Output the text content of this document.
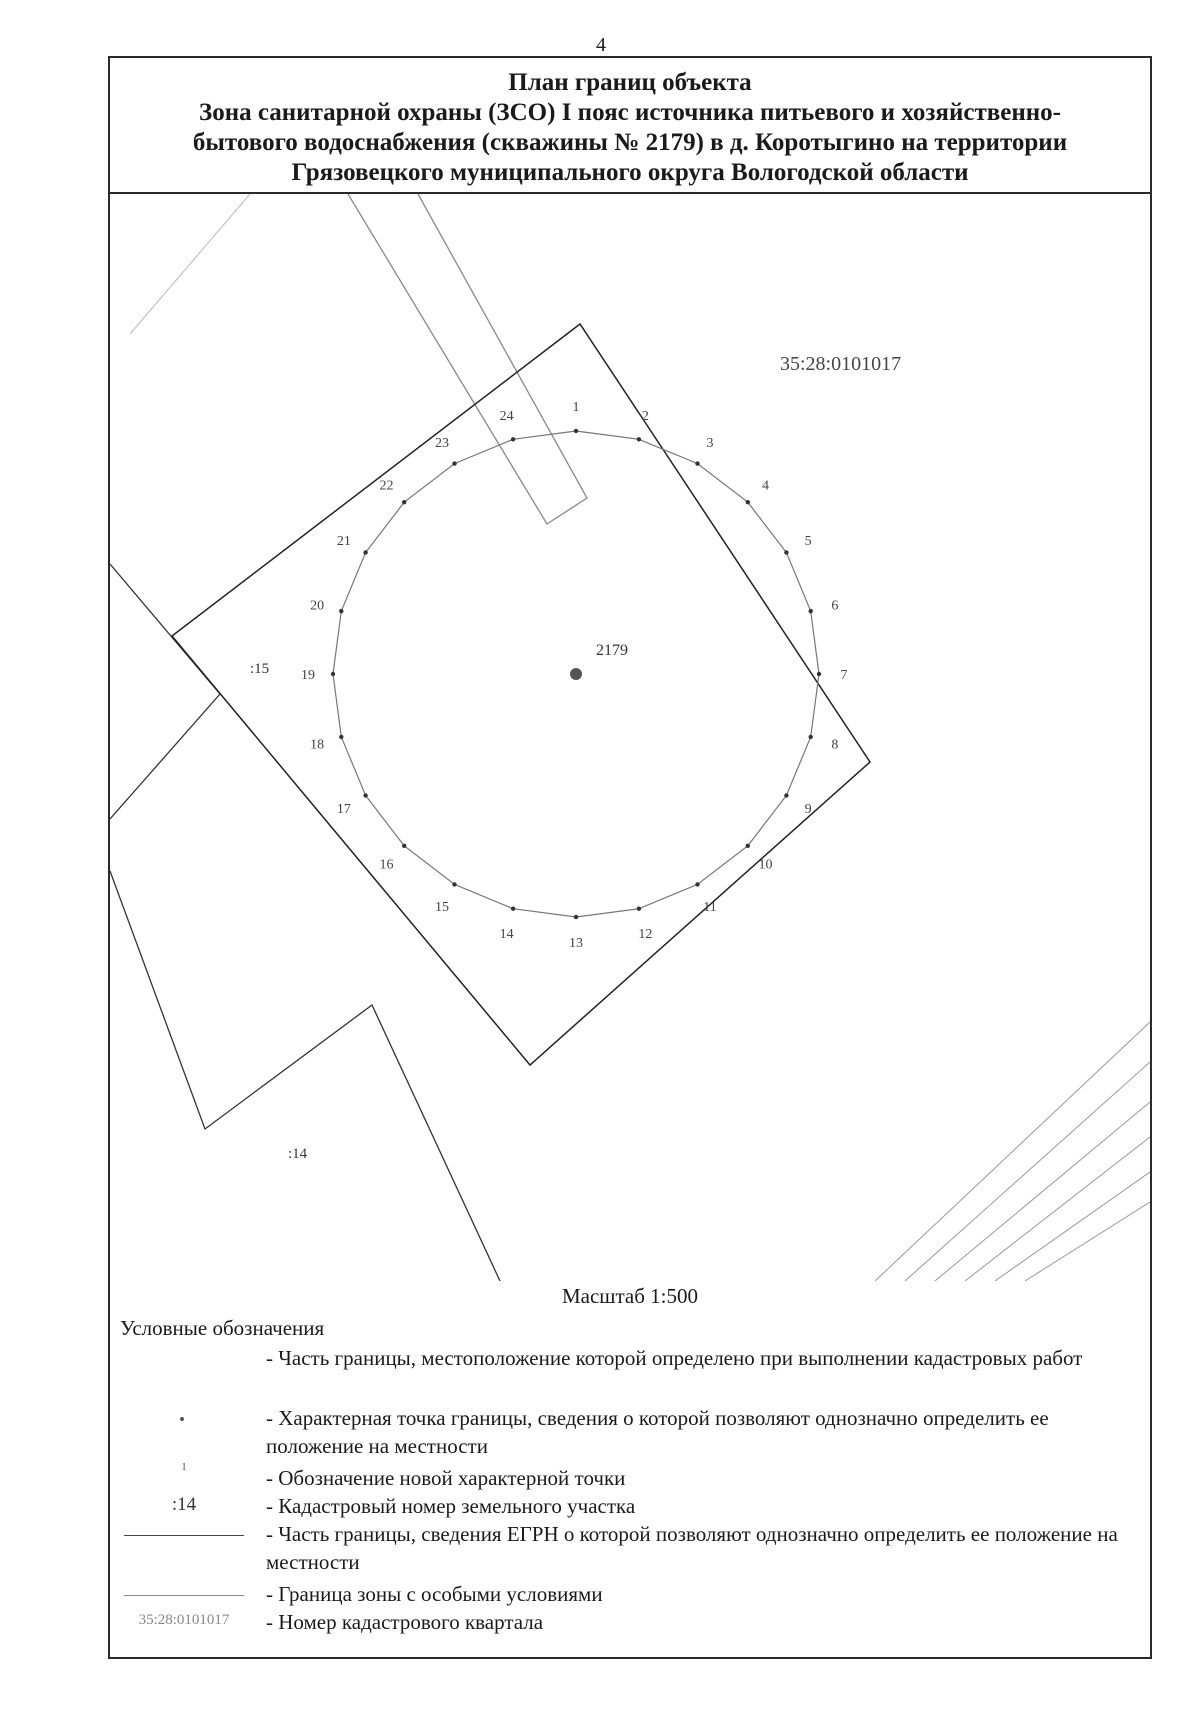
4
План границ объекта
Зона санитарной охраны (ЗСО) I пояс источника питьевого и хозяйственно-
бытового водоснабжения (скважины № 2179) в д. Коротыгино на территории
Грязовецкого муниципального округа Вологодской области
1
2
3
4
5
6
7
8
9
10
11
12
13
14
15
16
17
18
19
20
21
22
23
24
2179
:15
:14
35:28:0101017
Масштаб 1:500
Условные обозначения
- Часть границы, местоположение которой определено при выполнении кадастровых работ
- Характерная точка границы, сведения о которой позволяют однозначно определить ее положение на местности
1	- Обозначение новой характерной точки
:14	- Кадастровый номер земельного участка
- Часть границы, сведения ЕГРН о которой позволяют однозначно определить ее положение на местности
- Граница зоны с особыми условиями
35:28:0101017	- Номер кадастрового квартала
